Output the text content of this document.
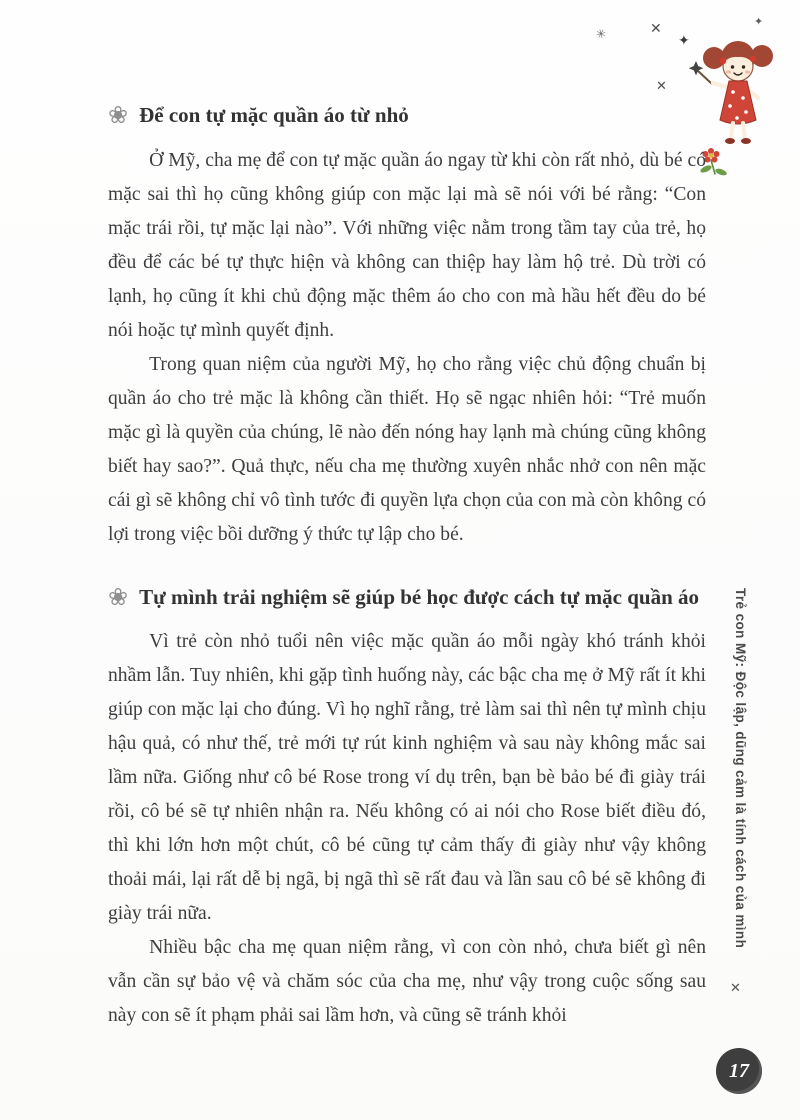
✳	✕
✦
✕
✦
✕
❀ Để con tự mặc quần áo từ nhỏ

Ở Mỹ, cha mẹ để con tự mặc quần áo ngay từ khi còn rất nhỏ, dù bé có mặc sai thì họ cũng không giúp con mặc lại mà sẽ nói với bé rằng: “Con mặc trái rồi, tự mặc lại nào”. Với những việc nằm trong tầm tay của trẻ, họ đều để các bé tự thực hiện và không can thiệp hay làm hộ trẻ. Dù trời có lạnh, họ cũng ít khi chủ động mặc thêm áo cho con mà hầu hết đều do bé nói hoặc tự mình quyết định.

Trong quan niệm của người Mỹ, họ cho rằng việc chủ động chuẩn bị quần áo cho trẻ mặc là không cần thiết. Họ sẽ ngạc nhiên hỏi: “Trẻ muốn mặc gì là quyền của chúng, lẽ nào đến nóng hay lạnh mà chúng cũng không biết hay sao?”. Quả thực, nếu cha mẹ thường xuyên nhắc nhở con nên mặc cái gì sẽ không chỉ vô tình tước đi quyền lựa chọn của con mà còn không có lợi trong việc bồi dưỡng ý thức tự lập cho bé.

❀ Tự mình trải nghiệm sẽ giúp bé học được cách tự mặc quần áo

Vì trẻ còn nhỏ tuổi nên việc mặc quần áo mỗi ngày khó tránh khỏi nhầm lẫn. Tuy nhiên, khi gặp tình huống này, các bậc cha mẹ ở Mỹ rất ít khi giúp con mặc lại cho đúng. Vì họ nghĩ rằng, trẻ làm sai thì nên tự mình chịu hậu quả, có như thế, trẻ mới tự rút kinh nghiệm và sau này không mắc sai lầm nữa. Giống như cô bé Rose trong ví dụ trên, bạn bè bảo bé đi giày trái rồi, cô bé sẽ tự nhiên nhận ra. Nếu không có ai nói cho Rose biết điều đó, thì khi lớn hơn một chút, cô bé cũng tự cảm thấy đi giày như vậy không thoải mái, lại rất dễ bị ngã, bị ngã thì sẽ rất đau và lần sau cô bé sẽ không đi giày trái nữa.

Nhiều bậc cha mẹ quan niệm rằng, vì con còn nhỏ, chưa biết gì nên vẫn cần sự bảo vệ và chăm sóc của cha mẹ, như vậy trong cuộc sống sau này con sẽ ít phạm phải sai lầm hơn, và cũng sẽ tránh khỏi

Trẻ con Mỹ: Độc lập, dũng cảm là tính cách của mình
17
